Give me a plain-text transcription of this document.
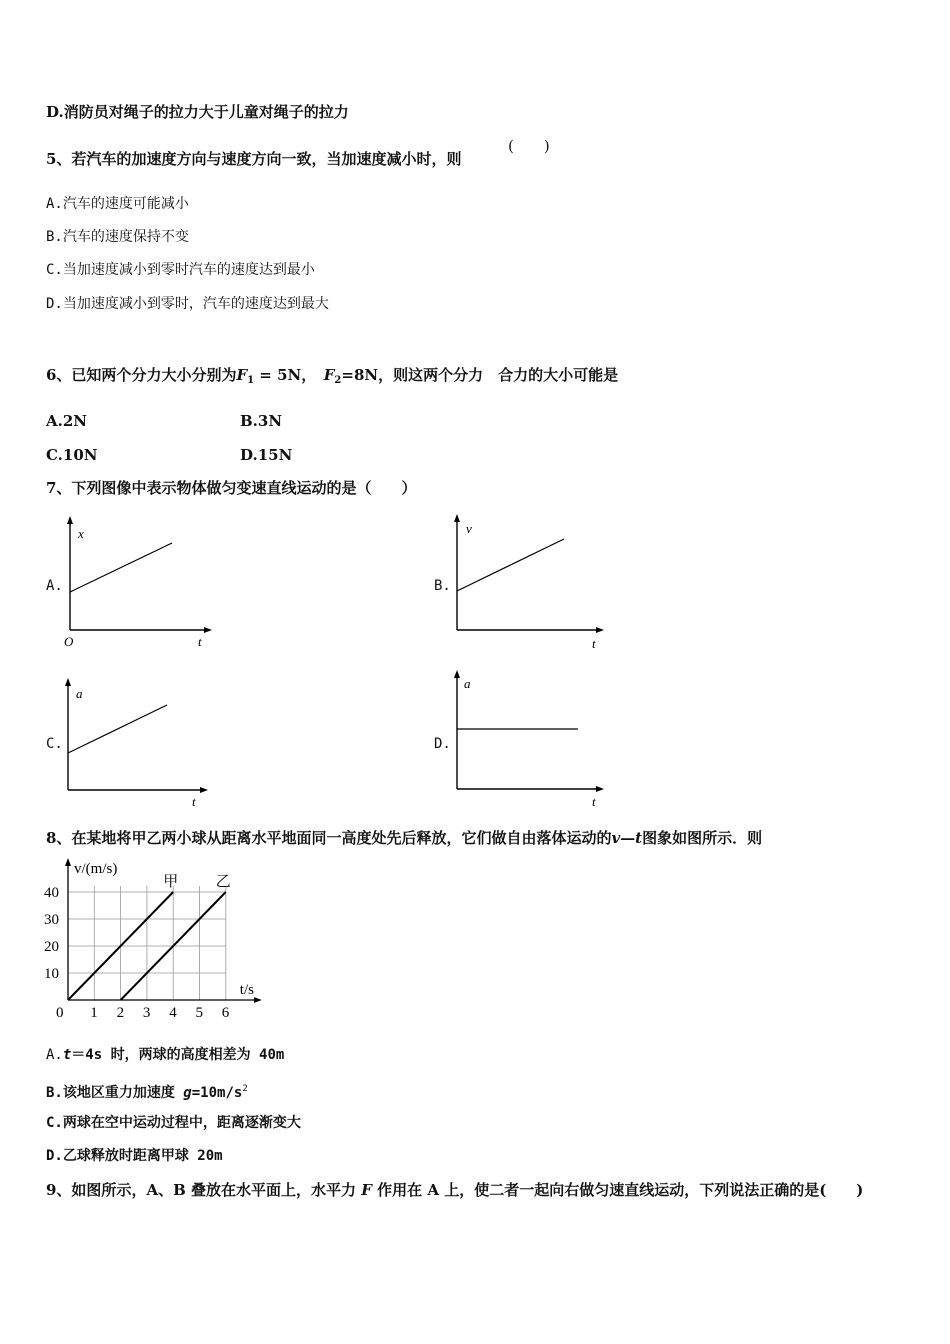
D.消防员对绳子的拉力大于儿童对绳子的拉力
5、若汽车的加速度方向与速度方向一致，当加速度减小时，则
(　　)
A.汽车的速度可能减小
B.汽车的速度保持不变
C.当加速度减小到零时汽车的速度达到最小
D.当加速度减小到零时，汽车的速度达到最大
6、已知两个分力大小分别为$F_1 = 5N$，　$F_2=8N$，则这两个分力　合力的大小可能是
A.2N	B.3N
C.10N	D.15N
7、下列图像中表示物体做匀变速直线运动的是（　　）
A.
x
t
O
B.
v
t
C.
a
t
D.
a
t
8、在某地将甲乙两小球从距离水平地面同一高度处先后释放，它们做自由落体运动的v—t图象如图所示．则
甲	乙
0 1 2 3 4 5 6
10
20
30
40
v/(m/s)
t/s
A.t＝4s 时，两球的高度相差为 40m
B.该地区重力加速度 $g=10m/s^2$
C.两球在空中运动过程中，距离逐渐变大
D.乙球释放时距离甲球 20m
9、如图所示，A、B 叠放在水平面上，水平力 F 作用在 A 上，使二者一起向右做匀速直线运动，下列说法正确的是(　　)
